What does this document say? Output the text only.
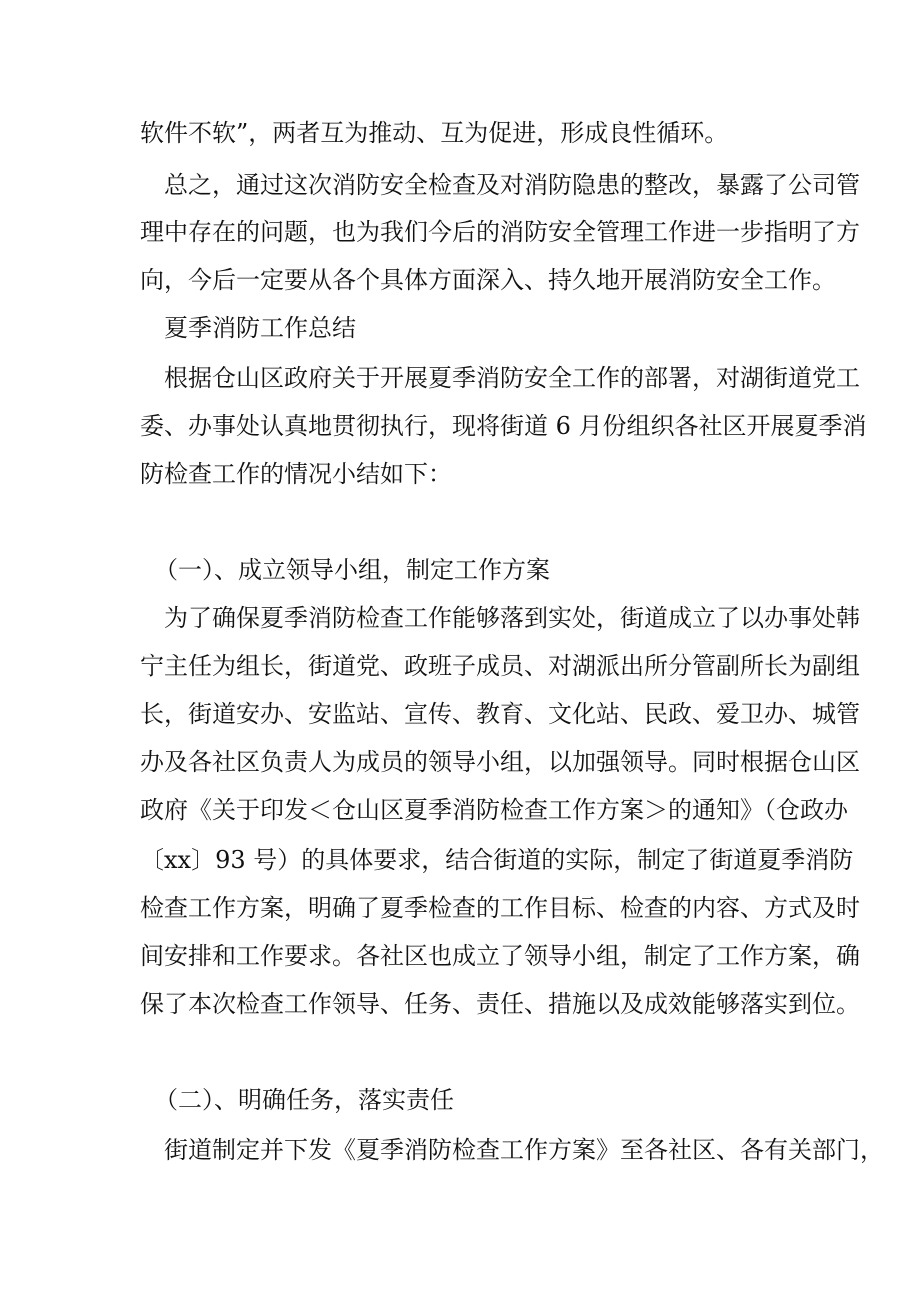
软件不软”，两者互为推动、互为促进，形成良性循环。
总之，通过这次消防安全检查及对消防隐患的整改，暴露了公司管
理中存在的问题，也为我们今后的消防安全管理工作进一步指明了方
向，今后一定要从各个具体方面深入、持久地开展消防安全工作。
夏季消防工作总结
根据仓山区政府关于开展夏季消防安全工作的部署，对湖街道党工
委、办事处认真地贯彻执行，现将街道 6 月份组织各社区开展夏季消
防检查工作的情况小结如下：
（一）、成立领导小组，制定工作方案
为了确保夏季消防检查工作能够落到实处，街道成立了以办事处韩
宁主任为组长，街道党、政班子成员、对湖派出所分管副所长为副组
长，街道安办、安监站、宣传、教育、文化站、民政、爱卫办、城管
办及各社区负责人为成员的领导小组，以加强领导。同时根据仓山区
政府《关于印发＜仓山区夏季消防检查工作方案＞的通知》（仓政办
〔xx〕93 号）的具体要求，结合街道的实际，制定了街道夏季消防
检查工作方案，明确了夏季检查的工作目标、检查的内容、方式及时
间安排和工作要求。各社区也成立了领导小组，制定了工作方案，确
保了本次检查工作领导、任务、责任、措施以及成效能够落实到位。
（二）、明确任务，落实责任
街道制定并下发《夏季消防检查工作方案》至各社区、各有关部门，
